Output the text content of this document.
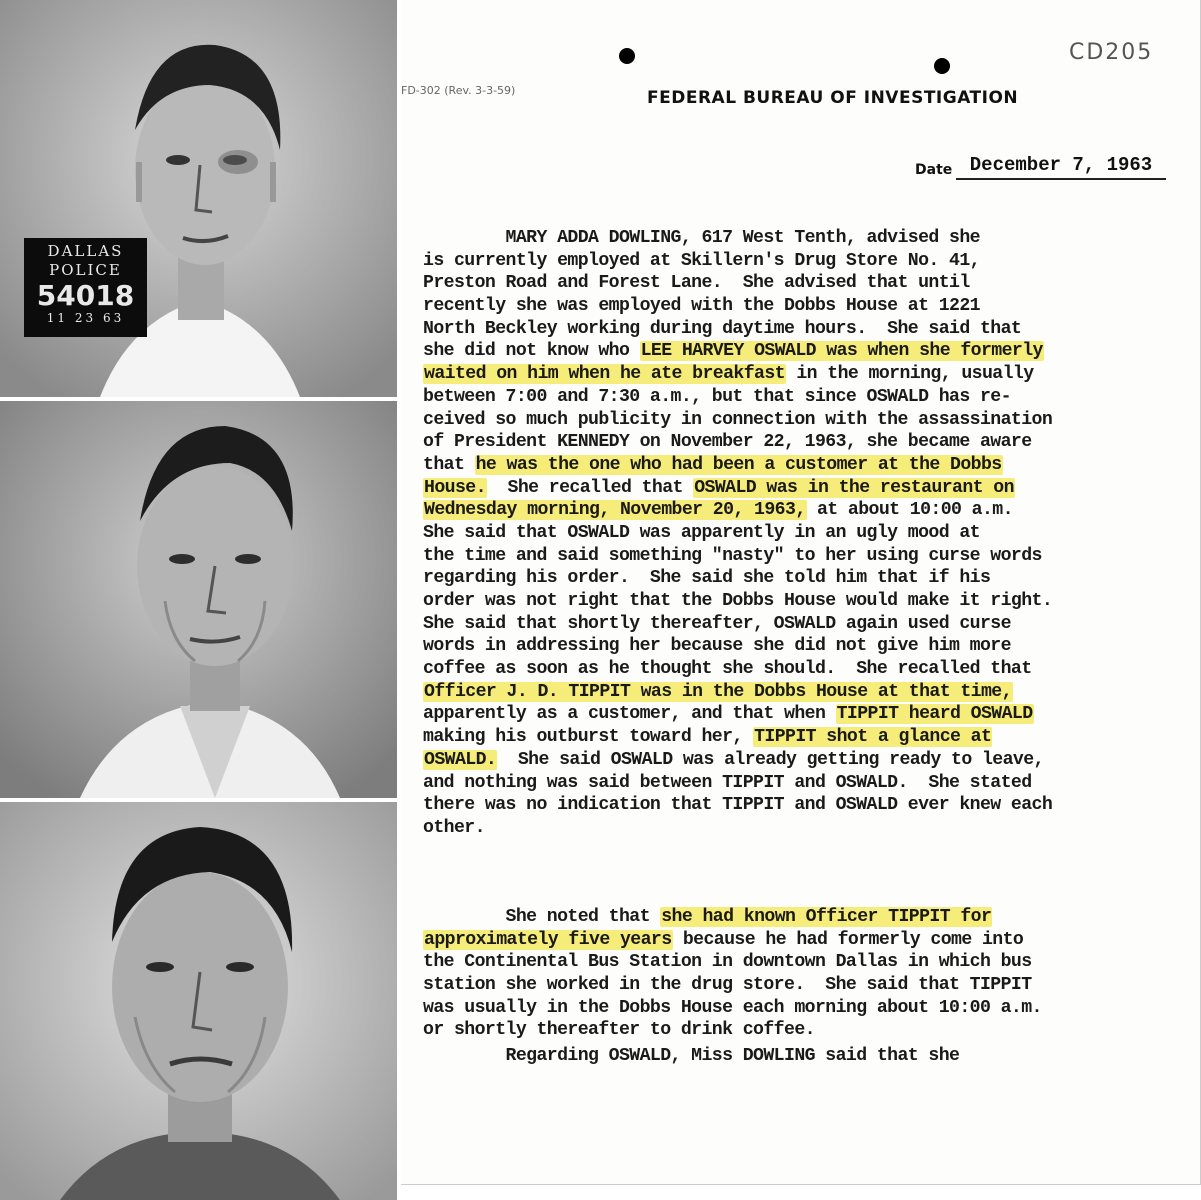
DALLAS
POLICE
54018
11 23 63
CD205
FD-302 (Rev. 3-3-59)	FEDERAL BUREAU OF INVESTIGATION
Date December 7, 1963
MARY ADDA DOWLING, 617 West Tenth, advised she
is currently employed at Skillern's Drug Store No. 41,
Preston Road and Forest Lane.  She advised that until
recently she was employed with the Dobbs House at 1221
North Beckley working during daytime hours.  She said that
she did not know who LEE HARVEY OSWALD was when she formerly
waited on him when he ate breakfast in the morning, usually
between 7:00 and 7:30 a.m., but that since OSWALD has re-
ceived so much publicity in connection with the assassination
of President KENNEDY on November 22, 1963, she became aware
that he was the one who had been a customer at the Dobbs
House.  She recalled that OSWALD was in the restaurant on
Wednesday morning, November 20, 1963, at about 10:00 a.m.
She said that OSWALD was apparently in an ugly mood at
the time and said something "nasty" to her using curse words
regarding his order.  She said she told him that if his
order was not right that the Dobbs House would make it right.
She said that shortly thereafter, OSWALD again used curse
words in addressing her because she did not give him more
coffee as soon as he thought she should.  She recalled that
Officer J. D. TIPPIT was in the Dobbs House at that time,
apparently as a customer, and that when TIPPIT heard OSWALD
making his outburst toward her, TIPPIT shot a glance at
OSWALD.  She said OSWALD was already getting ready to leave,
and nothing was said between TIPPIT and OSWALD.  She stated
there was no indication that TIPPIT and OSWALD ever knew each
other.
She noted that she had known Officer TIPPIT for
approximately five years because he had formerly come into
the Continental Bus Station in downtown Dallas in which bus
station she worked in the drug store.  She said that TIPPIT
was usually in the Dobbs House each morning about 10:00 a.m.
or shortly thereafter to drink coffee.
Regarding OSWALD, Miss DOWLING said that she
